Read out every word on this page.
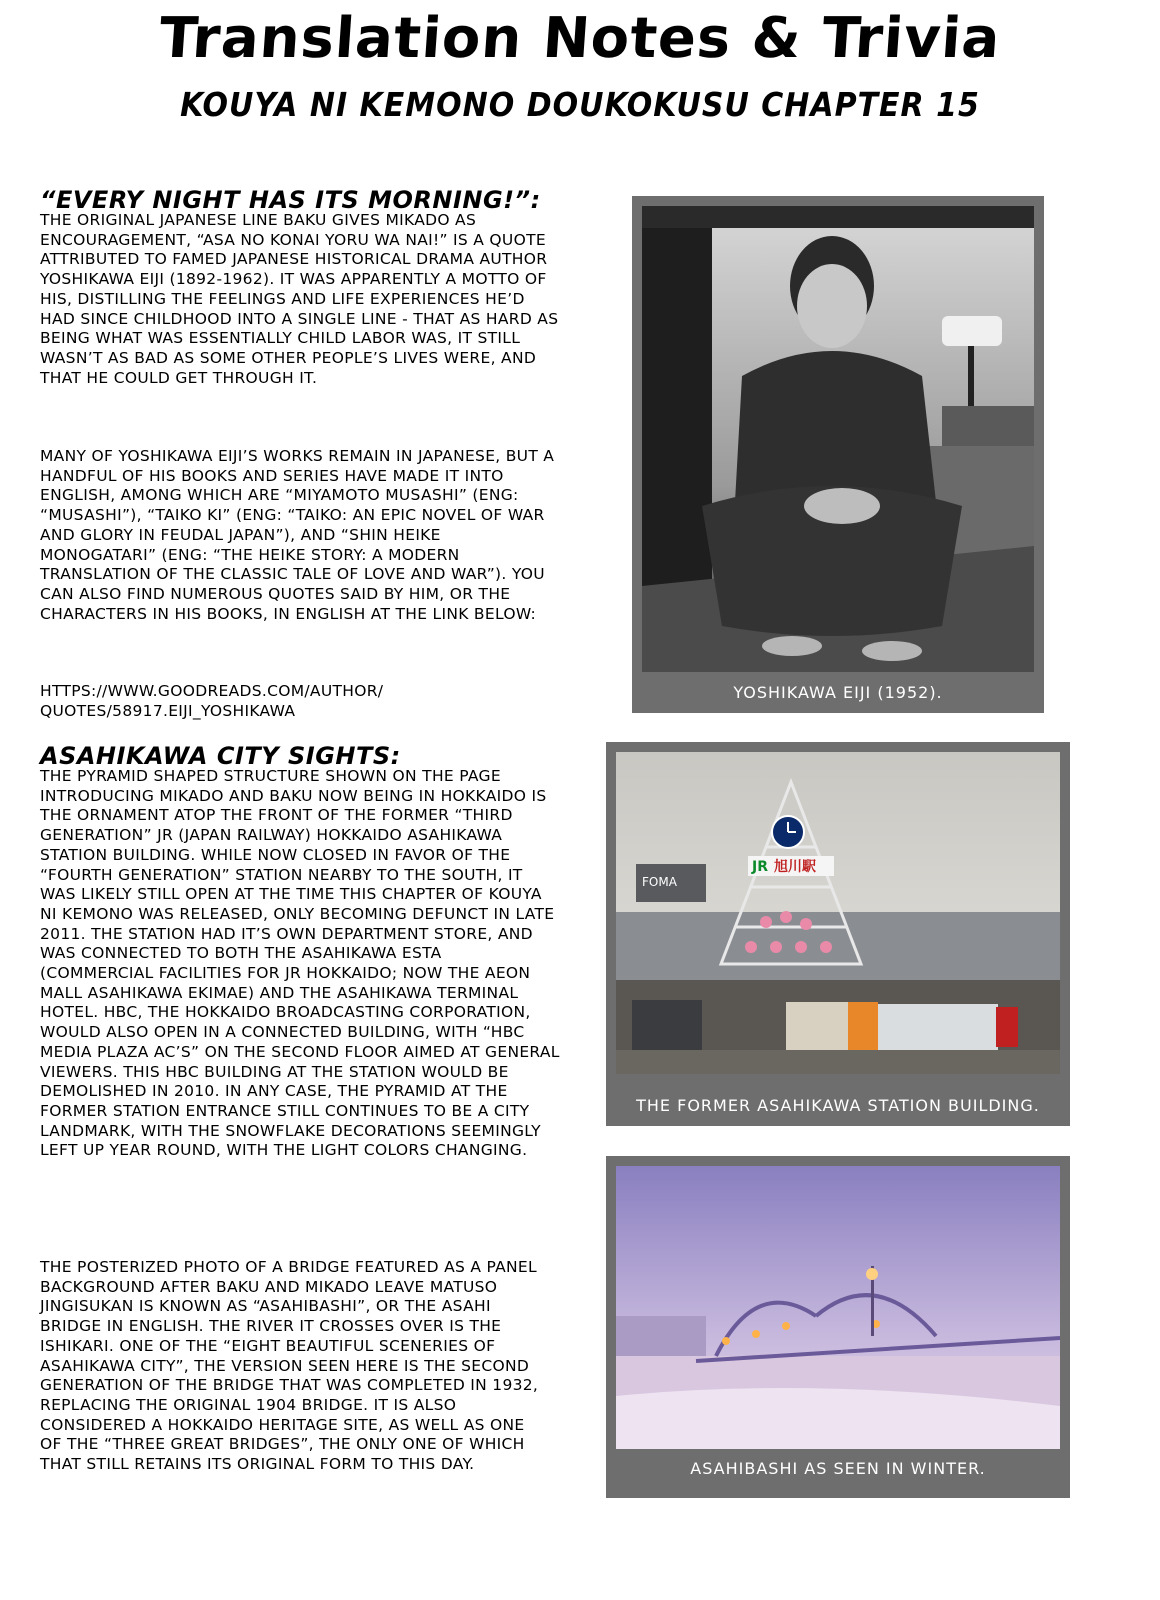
Translation Notes & Trivia
KOUYA NI KEMONO DOUKOKUSU CHAPTER 15
“EVERY NIGHT HAS ITS MORNING!”:

THE ORIGINAL JAPANESE LINE BAKU GIVES MIKADO AS ENCOURAGEMENT, “ASA NO KONAI YORU WA NAI!” IS A QUOTE ATTRIBUTED TO FAMED JAPANESE HISTORICAL DRAMA AUTHOR YOSHIKAWA EIJI (1892-1962). IT WAS APPARENTLY A MOTTO OF HIS, DISTILLING THE FEELINGS AND LIFE EXPERIENCES HE’D HAD SINCE CHILDHOOD INTO A SINGLE LINE - THAT AS HARD AS BEING WHAT WAS ESSENTIALLY CHILD LABOR WAS, IT STILL WASN’T AS BAD AS SOME OTHER PEOPLE’S LIVES WERE, AND THAT HE COULD GET THROUGH IT.

MANY OF YOSHIKAWA EIJI’S WORKS REMAIN IN JAPANESE, BUT A HANDFUL OF HIS BOOKS AND SERIES HAVE MADE IT INTO ENGLISH, AMONG WHICH ARE “MIYAMOTO MUSASHI” (ENG: “MUSASHI”), “TAIKO KI” (ENG: “TAIKO: AN EPIC NOVEL OF WAR AND GLORY IN FEUDAL JAPAN”), AND “SHIN HEIKE MONOGATARI” (ENG: “THE HEIKE STORY: A MODERN TRANSLATION OF THE CLASSIC TALE OF LOVE AND WAR”). YOU CAN ALSO FIND NUMEROUS QUOTES SAID BY HIM, OR THE CHARACTERS IN HIS BOOKS, IN ENGLISH AT THE LINK BELOW:

HTTPS://WWW.GOODREADS.COM/AUTHOR/
QUOTES/58917.EIJI_YOSHIKAWA
ASAHIKAWA CITY SIGHTS:

THE PYRAMID SHAPED STRUCTURE SHOWN ON THE PAGE INTRODUCING MIKADO AND BAKU NOW BEING IN HOKKAIDO IS THE ORNAMENT ATOP THE FRONT OF THE FORMER “THIRD GENERATION” JR (JAPAN RAILWAY) HOKKAIDO ASAHIKAWA STATION BUILDING. WHILE NOW CLOSED IN FAVOR OF THE “FOURTH GENERATION” STATION NEARBY TO THE SOUTH, IT WAS LIKELY STILL OPEN AT THE TIME THIS CHAPTER OF KOUYA NI KEMONO WAS RELEASED, ONLY BECOMING DEFUNCT IN LATE 2011. THE STATION HAD IT’S OWN DEPARTMENT STORE, AND WAS CONNECTED TO BOTH THE ASAHIKAWA ESTA (COMMERCIAL FACILITIES FOR JR HOKKAIDO; NOW THE AEON MALL ASAHIKAWA EKIMAE) AND THE ASAHIKAWA TERMINAL HOTEL. HBC, THE HOKKAIDO BROADCASTING CORPORATION, WOULD ALSO OPEN IN A CONNECTED BUILDING, WITH “HBC MEDIA PLAZA AC’S” ON THE SECOND FLOOR AIMED AT GENERAL VIEWERS. THIS HBC BUILDING AT THE STATION WOULD BE DEMOLISHED IN 2010. IN ANY CASE, THE PYRAMID AT THE FORMER STATION ENTRANCE STILL CONTINUES TO BE A CITY LANDMARK, WITH THE SNOWFLAKE DECORATIONS SEEMINGLY LEFT UP YEAR ROUND, WITH THE LIGHT COLORS CHANGING.

THE POSTERIZED PHOTO OF A BRIDGE FEATURED AS A PANEL BACKGROUND AFTER BAKU AND MIKADO LEAVE MATUSO JINGISUKAN IS KNOWN AS “ASAHIBASHI”, OR THE ASAHI BRIDGE IN ENGLISH. THE RIVER IT CROSSES OVER IS THE ISHIKARI. ONE OF THE “EIGHT BEAUTIFUL SCENERIES OF ASAHIKAWA CITY”, THE VERSION SEEN HERE IS THE SECOND GENERATION OF THE BRIDGE THAT WAS COMPLETED IN 1932, REPLACING THE ORIGINAL 1904 BRIDGE. IT IS ALSO CONSIDERED A HOKKAIDO HERITAGE SITE, AS WELL AS ONE OF THE “THREE GREAT BRIDGES”, THE ONLY ONE OF WHICH THAT STILL RETAINS ITS ORIGINAL FORM TO THIS DAY.

YOSHIKAWA EIJI (1952).
JR 旭川駅
FOMA
THE FORMER ASAHIKAWA STATION BUILDING.
ASAHIBASHI AS SEEN IN WINTER.
